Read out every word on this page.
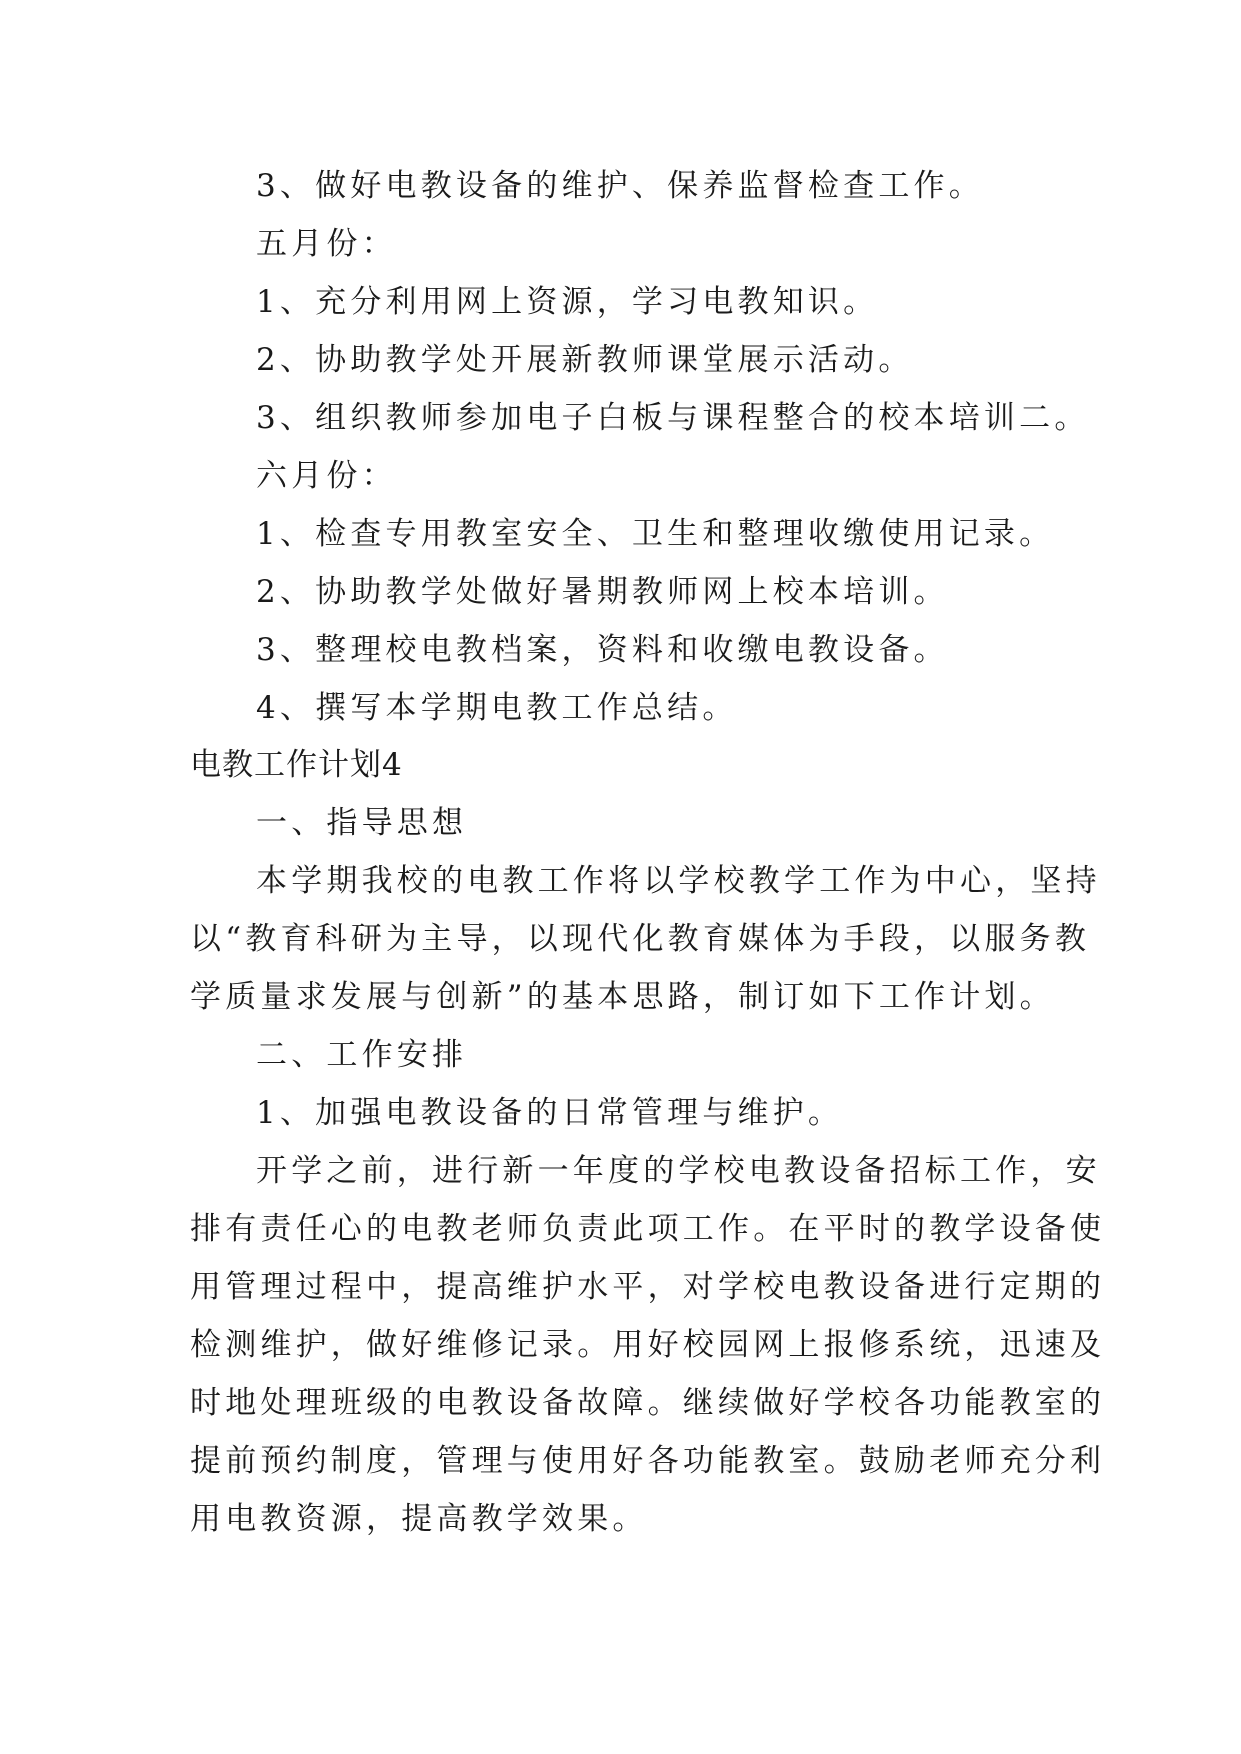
3、做好电教设备的维护、保养监督检查工作。
五月份：
1、充分利用网上资源，学习电教知识。
2、协助教学处开展新教师课堂展示活动。
3、组织教师参加电子白板与课程整合的校本培训二。
六月份：
1、检查专用教室安全、卫生和整理收缴使用记录。
2、协助教学处做好暑期教师网上校本培训。
3、整理校电教档案，资料和收缴电教设备。
4、撰写本学期电教工作总结。
电教工作计划4
一、指导思想
本学期我校的电教工作将以学校教学工作为中心，坚持
以“教育科研为主导，以现代化教育媒体为手段，以服务教
学质量求发展与创新”的基本思路，制订如下工作计划。
二、工作安排
1、加强电教设备的日常管理与维护。
开学之前，进行新一年度的学校电教设备招标工作，安
排有责任心的电教老师负责此项工作。在平时的教学设备使
用管理过程中，提高维护水平，对学校电教设备进行定期的
检测维护，做好维修记录。用好校园网上报修系统，迅速及
时地处理班级的电教设备故障。继续做好学校各功能教室的
提前预约制度，管理与使用好各功能教室。鼓励老师充分利
用电教资源，提高教学效果。
